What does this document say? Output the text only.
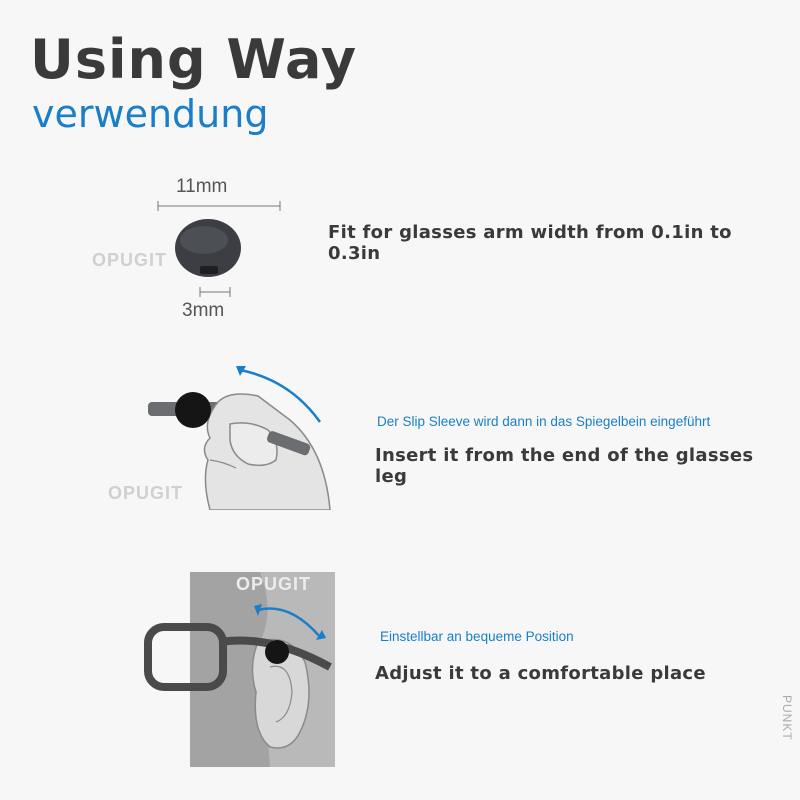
Using Way
verwendung
11mm
OPUGIT
3mm
Fit for glasses arm width from 0.1in to 0.3in
OPUGIT
Der Slip Sleeve wird dann in das Spiegelbein eingeführt
Insert it from the end of the glasses leg
OPUGIT
Einstellbar an bequeme Position
Adjust it to a comfortable place
PUNKT
